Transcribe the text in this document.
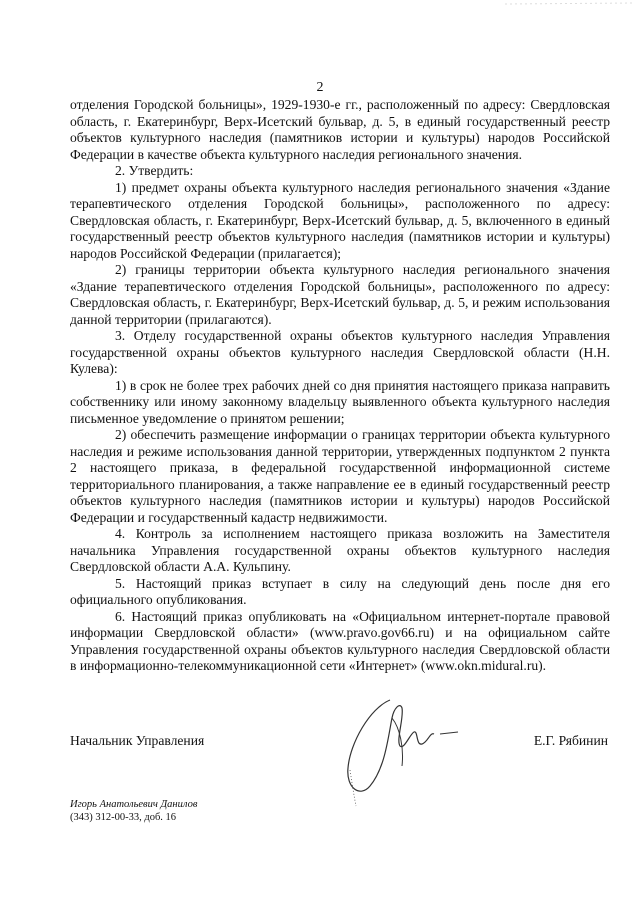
2

отделения Городской больницы», 1929-1930-е гг., расположенный по адресу: Свердловская область, г. Екатеринбург, Верх-Исетский бульвар, д. 5, в единый государственный реестр объектов культурного наследия (памятников истории и культуры) народов Российской Федерации в качестве объекта культурного наследия регионального значения.

2. Утвердить:

1) предмет охраны объекта культурного наследия регионального значения «Здание терапевтического отделения Городской больницы», расположенного по адресу: Свердловская область, г. Екатеринбург, Верх-Исетский бульвар, д. 5, включенного в единый государственный реестр объектов культурного наследия (памятников истории и культуры) народов Российской Федерации (прилагается);

2) границы территории объекта культурного наследия регионального значения «Здание терапевтического отделения Городской больницы», расположенного по адресу: Свердловская область, г. Екатеринбург, Верх-Исетский бульвар, д. 5, и режим использования данной территории (прилагаются).

3. Отделу государственной охраны объектов культурного наследия Управления государственной охраны объектов культурного наследия Свердловской области (Н.Н. Кулева):

1) в срок не более трех рабочих дней со дня принятия настоящего приказа направить собственнику или иному законному владельцу выявленного объекта культурного наследия письменное уведомление о принятом решении;

2) обеспечить размещение информации о границах территории объекта культурного наследия и режиме использования данной территории, утвержденных подпунктом 2 пункта 2 настоящего приказа, в федеральной государственной информационной системе территориального планирования, а также направление ее в единый государственный реестр объектов культурного наследия (памятников истории и культуры) народов Российской Федерации и государственный кадастр недвижимости.

4. Контроль за исполнением настоящего приказа возложить на Заместителя начальника Управления государственной охраны объектов культурного наследия Свердловской области А.А. Кульпину.

5. Настоящий приказ вступает в силу на следующий день после дня его официального опубликования.

6. Настоящий приказ опубликовать на «Официальном интернет-портале правовой информации Свердловской области» (www.pravo.gov66.ru) и на официальном сайте Управления государственной охраны объектов культурного наследия Свердловской области в информационно-телекоммуникационной сети «Интернет» (www.okn.midural.ru).

Начальник Управления	Е.Г. Рябинин
Игорь Анатольевич Данилов
(343) 312-00-33, доб. 16
